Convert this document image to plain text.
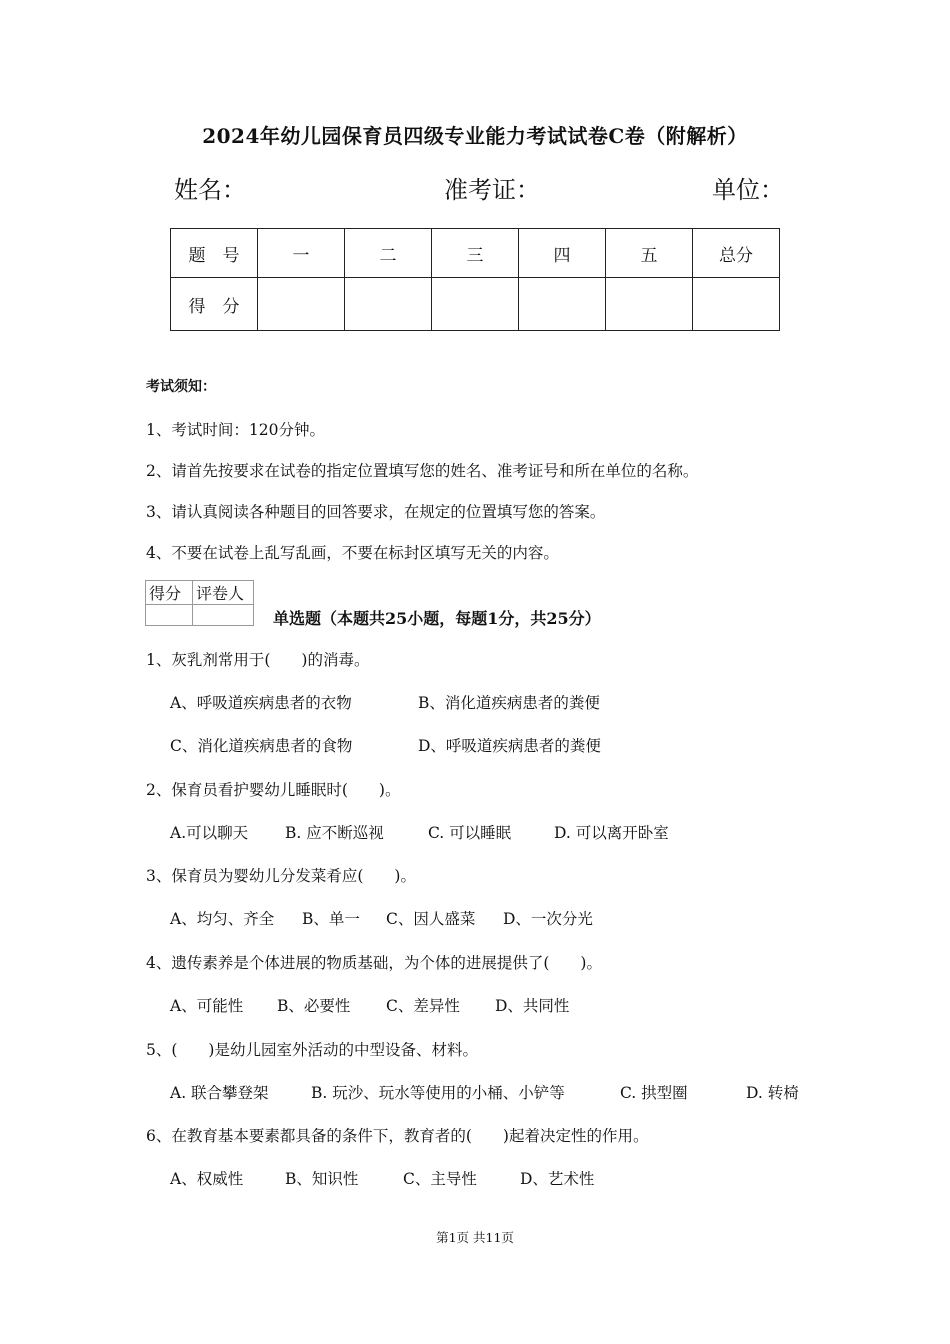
2024年幼儿园保育员四级专业能力考试试卷C卷（附解析）
姓名：	准考证：	单位：
题　号	一	二	三	四	五	总分
得　分						
考试须知：
1、考试时间：120分钟。
2、请首先按要求在试卷的指定位置填写您的姓名、准考证号和所在单位的名称。
3、请认真阅读各种题目的回答要求，在规定的位置填写您的答案。
4、不要在试卷上乱写乱画，不要在标封区填写无关的内容。
得分	评卷人

单选题（本题共25小题，每题1分，共25分）
1、灰乳剂常用于(　　)的消毒。
A、呼吸道疾病患者的衣物	B、消化道疾病患者的粪便
C、消化道疾病患者的食物	D、呼吸道疾病患者的粪便
2、保育员看护婴幼儿睡眠时(　　)。
A.可以聊天 B. 应不断巡视	C. 可以睡眠	D. 可以离开卧室
3、保育员为婴幼儿分发菜肴应(　　)。
A、均匀、齐全 B、单一 C、因人盛菜 D、一次分光
4、遗传素养是个体进展的物质基础，为个体的进展提供了(　　)。
A、可能性 B、必要性 C、差异性 D、共同性
5、(　　)是幼儿园室外活动的中型设备、材料。
A. 联合攀登架	B. 玩沙、玩水等使用的小桶、小铲等	C. 拱型圈	D. 转椅
6、在教育基本要素都具备的条件下，教育者的(　　)起着决定性的作用。
A、权威性	B、知识性	C、主导性	D、艺术性
第1页 共11页
